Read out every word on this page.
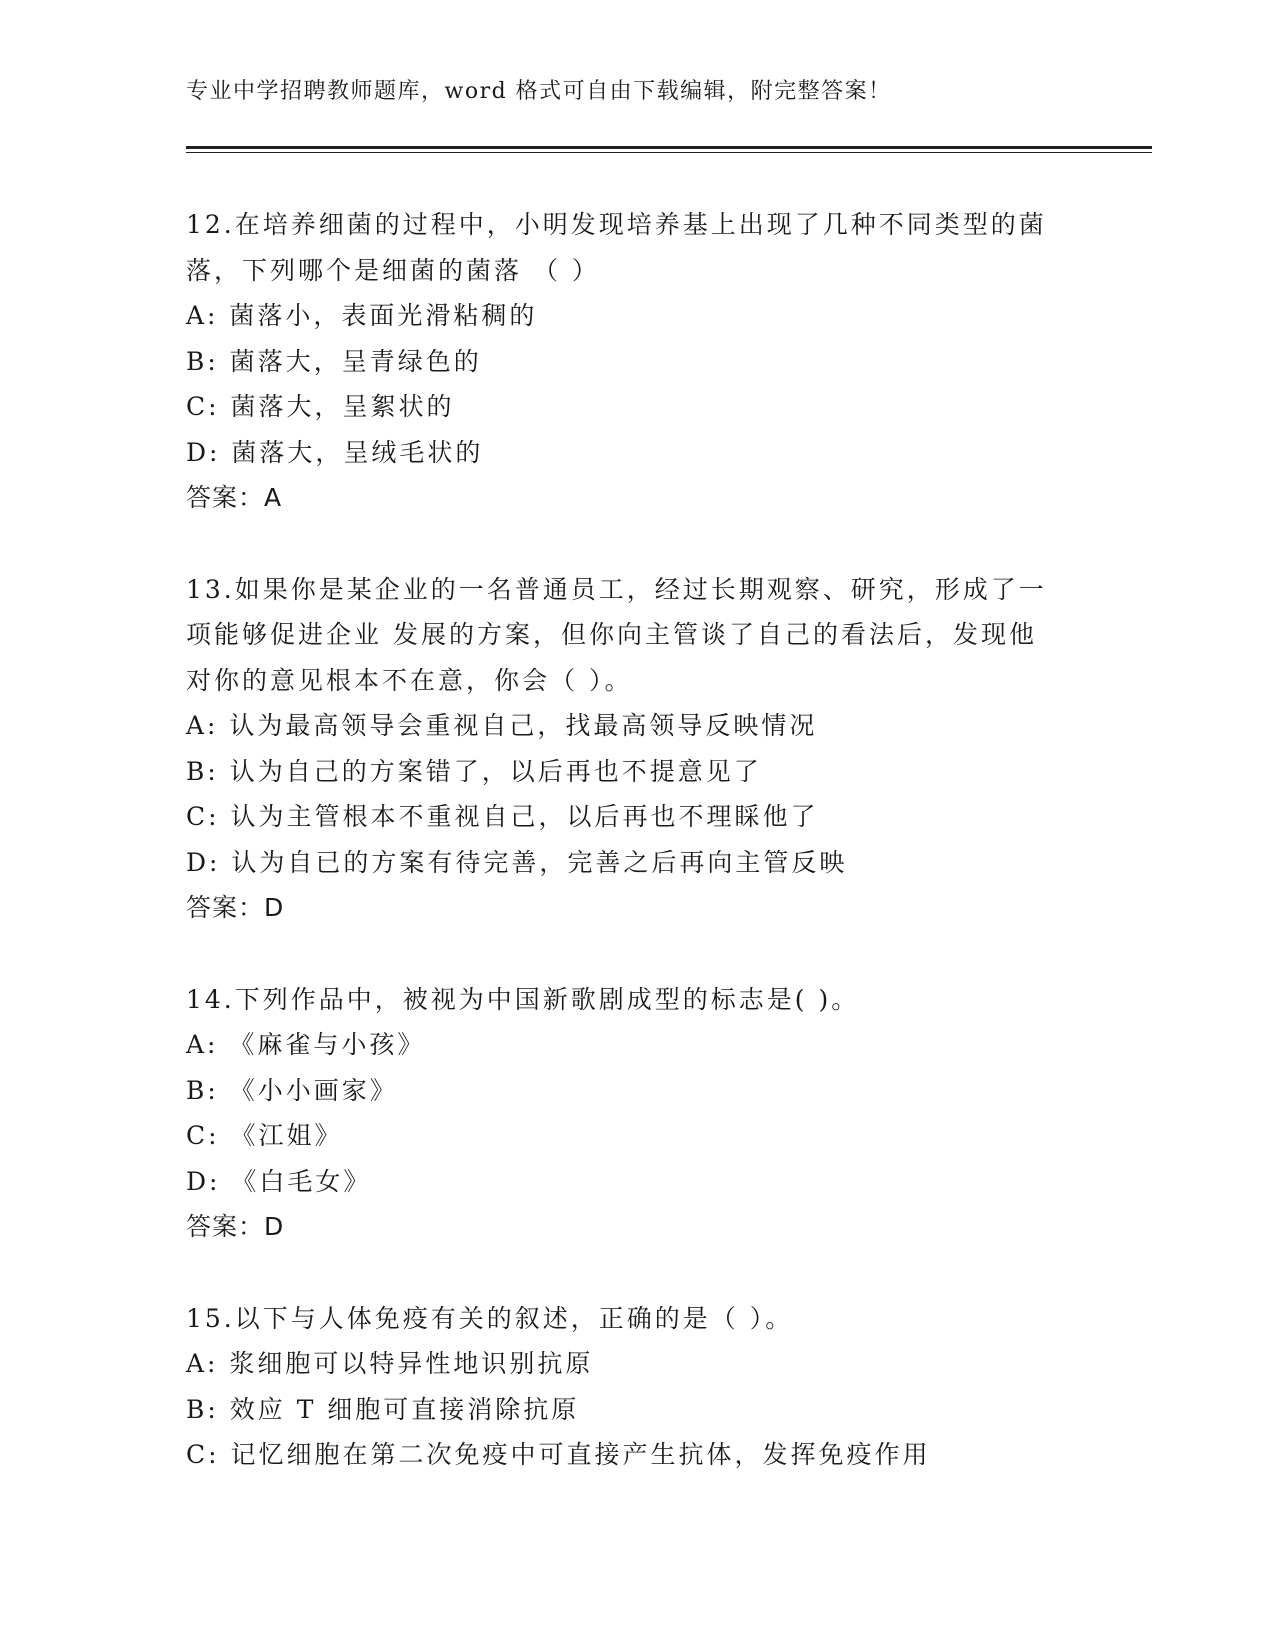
专业中学招聘教师题库，word 格式可自由下载编辑，附完整答案！
12.在培养细菌的过程中，小明发现培养基上出现了几种不同类型的菌
落，下列哪个是细菌的菌落 （ ）
A: 菌落小，表面光滑粘稠的
B: 菌落大，呈青绿色的
C: 菌落大，呈絮状的
D: 菌落大，呈绒毛状的
答案：A
13.如果你是某企业的一名普通员工，经过长期观察、研究，形成了一
项能够促进企业 发展的方案，但你向主管谈了自己的看法后，发现他
对你的意见根本不在意，你会（ ）。
A: 认为最高领导会重视自己，找最高领导反映情况
B: 认为自己的方案错了，以后再也不提意见了
C: 认为主管根本不重视自己，以后再也不理睬他了
D: 认为自已的方案有待完善，完善之后再向主管反映
答案：D
14.下列作品中，被视为中国新歌剧成型的标志是( )。
A: 《麻雀与小孩》
B: 《小小画家》
C: 《江姐》
D: 《白毛女》
答案：D
15.以下与人体免疫有关的叙述，正确的是（ ）。
A: 浆细胞可以特异性地识别抗原
B: 效应 T 细胞可直接消除抗原
C: 记忆细胞在第二次免疫中可直接产生抗体，发挥免疫作用
